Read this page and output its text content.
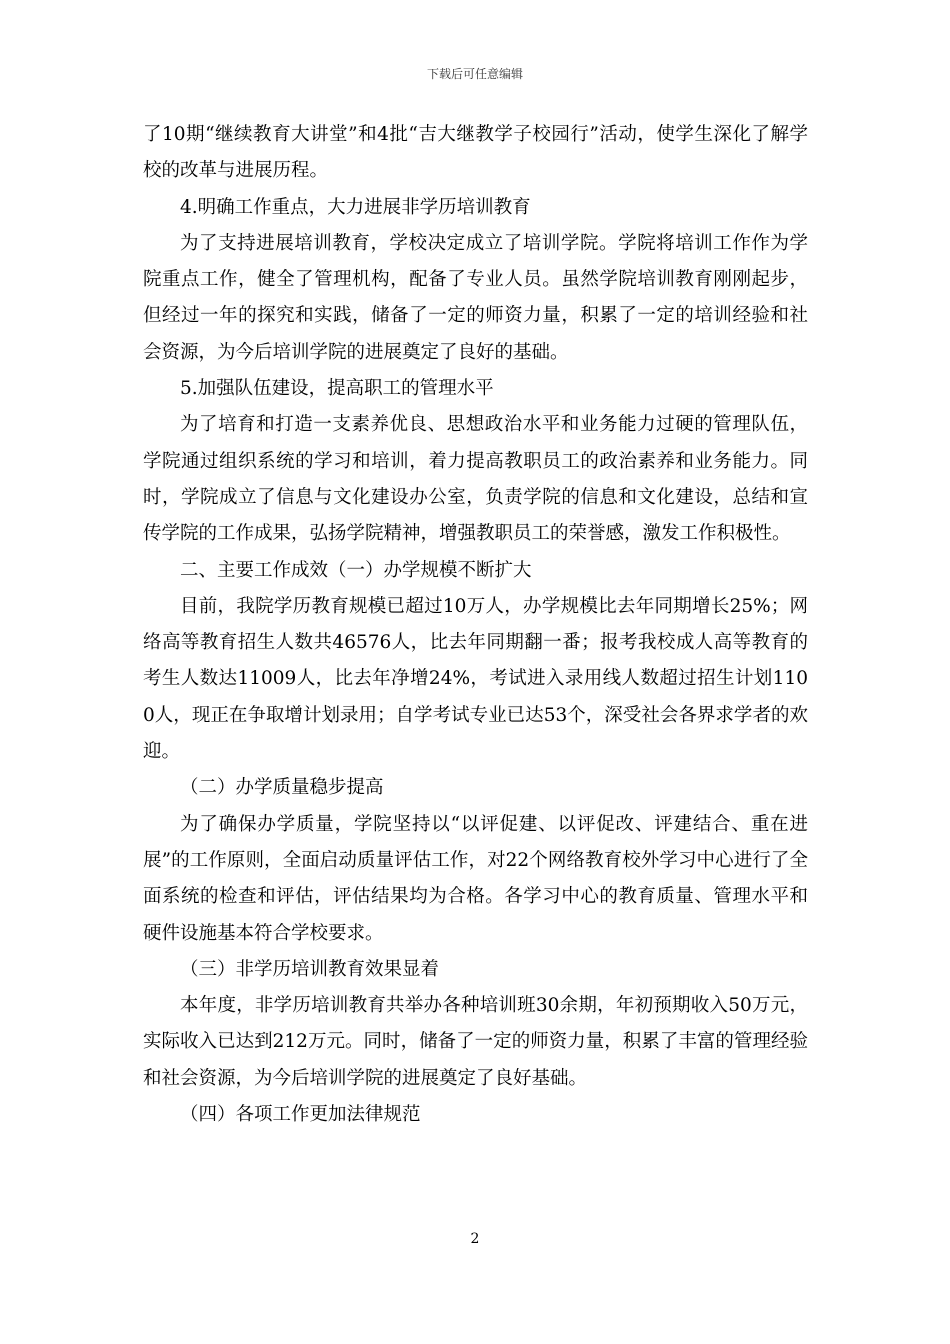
下载后可任意编辑

了10期“继续教育大讲堂”和4批“吉大继教学子校园行”活动，使学生深化了解学校的改革与进展历程。

4.明确工作重点，大力进展非学历培训教育

为了支持进展培训教育，学校决定成立了培训学院。学院将培训工作作为学院重点工作，健全了管理机构，配备了专业人员。虽然学院培训教育刚刚起步，但经过一年的探究和实践，储备了一定的师资力量，积累了一定的培训经验和社会资源，为今后培训学院的进展奠定了良好的基础。

5.加强队伍建设，提高职工的管理水平

为了培育和打造一支素养优良、思想政治水平和业务能力过硬的管理队伍，学院通过组织系统的学习和培训，着力提高教职员工的政治素养和业务能力。同时，学院成立了信息与文化建设办公室，负责学院的信息和文化建设，总结和宣传学院的工作成果，弘扬学院精神，增强教职员工的荣誉感，激发工作积极性。

二、主要工作成效（一）办学规模不断扩大

目前，我院学历教育规模已超过10万人，办学规模比去年同期增长25%；网络高等教育招生人数共46576人，比去年同期翻一番；报考我校成人高等教育的考生人数达11009人，比去年净增24%，考试进入录用线人数超过招生计划1100人，现正在争取增计划录用；自学考试专业已达53个，深受社会各界求学者的欢迎。

（二）办学质量稳步提高

为了确保办学质量，学院坚持以“以评促建、以评促改、评建结合、重在进展”的工作原则，全面启动质量评估工作，对22个网络教育校外学习中心进行了全面系统的检查和评估，评估结果均为合格。各学习中心的教育质量、管理水平和硬件设施基本符合学校要求。

（三）非学历培训教育效果显着

本年度，非学历培训教育共举办各种培训班30余期，年初预期收入50万元，实际收入已达到212万元。同时，储备了一定的师资力量，积累了丰富的管理经验和社会资源，为今后培训学院的进展奠定了良好基础。

（四）各项工作更加法律规范

2
